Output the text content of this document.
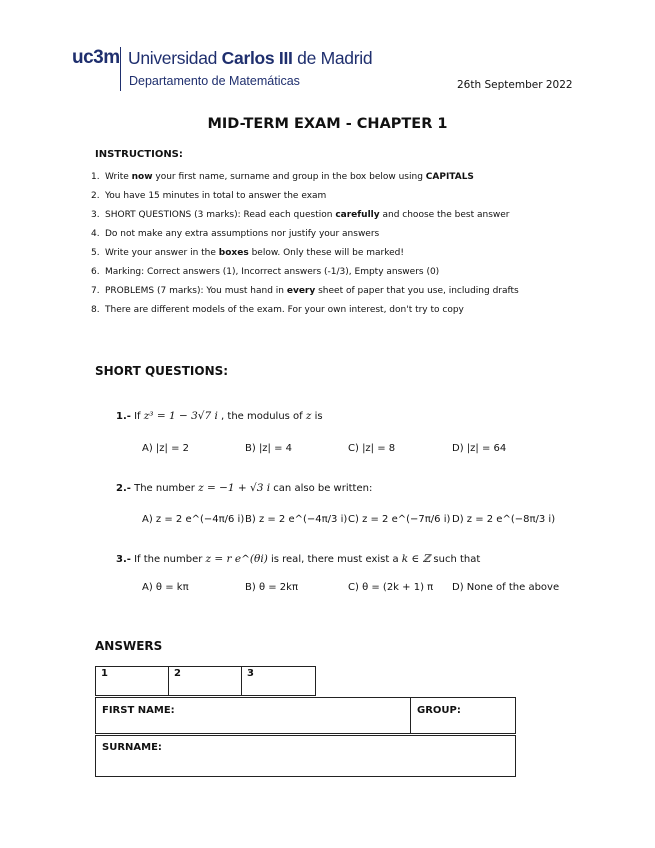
uc3m Universidad Carlos III de Madrid
Departamento de Matemáticas	26th September 2022
MID-TERM EXAM - CHAPTER 1
INSTRUCTIONS:
1. Write now your first name, surname and group in the box below using CAPITALS
2. You have 15 minutes in total to answer the exam
3. SHORT QUESTIONS (3 marks): Read each question carefully and choose the best answer
4. Do not make any extra assumptions nor justify your answers
5. Write your answer in the boxes below. Only these will be marked!
6. Marking: Correct answers (1), Incorrect answers (-1/3), Empty answers (0)
7. PROBLEMS (7 marks): You must hand in every sheet of paper that you use, including drafts
8. There are different models of the exam. For your own interest, don't try to copy
SHORT QUESTIONS:
1.- If z³ = 1 − 3√7 i , the modulus of z is
A) |z| = 2	B) |z| = 4	C) |z| = 8	D) |z| = 64
2.- The number z = −1 + √3 i can also be written:
A) z = 2 e^(−4π/6 i) B) z = 2 e^(−4π/3 i) C) z = 2 e^(−7π/6 i) D) z = 2 e^(−8π/3 i)
3.- If the number z = r e^(θi) is real, there must exist a k ∈ ℤ such that
A) θ = kπ	B) θ = 2kπ	C) θ = (2k + 1) π D) None of the above
ANSWERS
1	2	3
FIRST NAME:	GROUP:
SURNAME:
